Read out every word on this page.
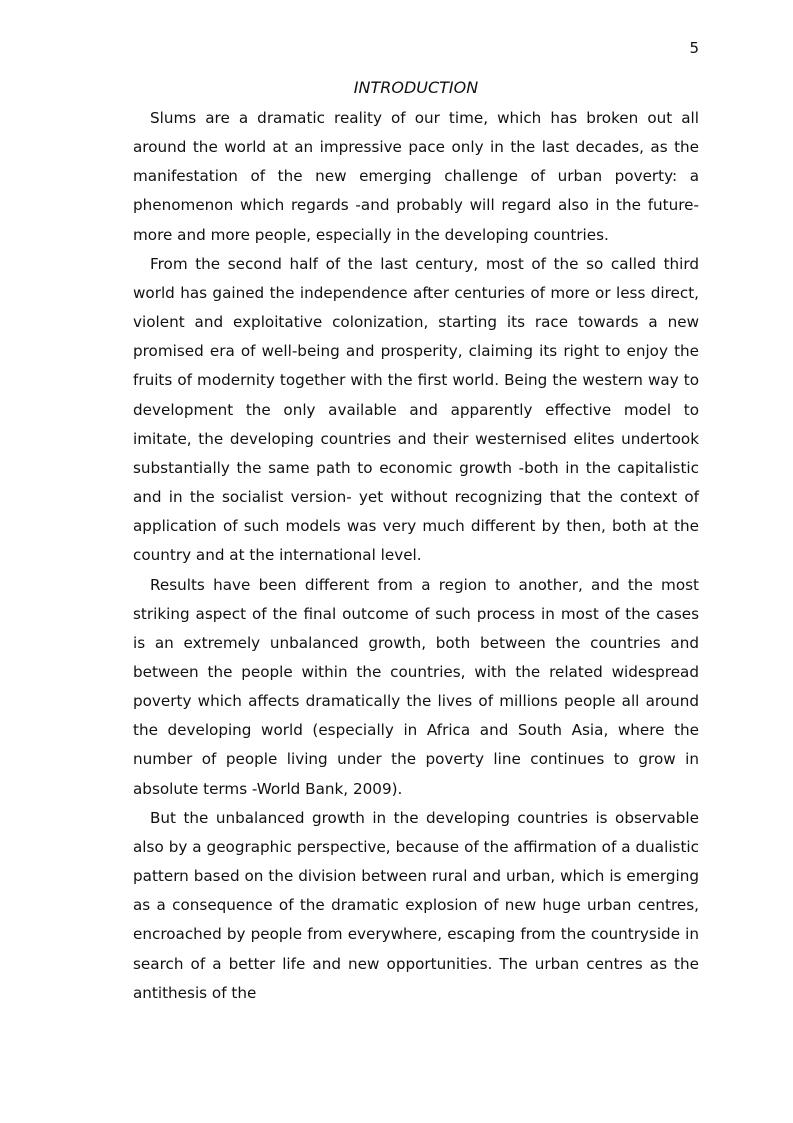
5
INTRODUCTION

Slums are a dramatic reality of our time, which has broken out all around the world at an impressive pace only in the last decades, as the manifestation of the new emerging challenge of urban poverty: a phenomenon which regards -and probably will regard also in the future- more and more people, especially in the developing countries.

From the second half of the last century, most of the so called third world has gained the independence after centuries of more or less direct, violent and exploitative colonization, starting its race towards a new promised era of well-being and prosperity, claiming its right to enjoy the fruits of modernity together with the first world. Being the western way to development the only available and apparently effective model to imitate, the developing countries and their westernised elites undertook substantially the same path to economic growth -both in the capitalistic and in the socialist version- yet without recognizing that the context of application of such models was very much different by then, both at the country and at the international level.

Results have been different from a region to another, and the most striking aspect of the final outcome of such process in most of the cases is an extremely unbalanced growth, both between the countries and between the people within the countries, with the related widespread poverty which affects dramatically the lives of millions people all around the developing world (especially in Africa and South Asia, where the number of people living under the poverty line continues to grow in absolute terms -World Bank, 2009).

But the unbalanced growth in the developing countries is observable also by a geographic perspective, because of the affirmation of a dualistic pattern based on the division between rural and urban, which is emerging as a consequence of the dramatic explosion of new huge urban centres, encroached by people from everywhere, escaping from the countryside in search of a better life and new opportunities. The urban centres as the antithesis of the
